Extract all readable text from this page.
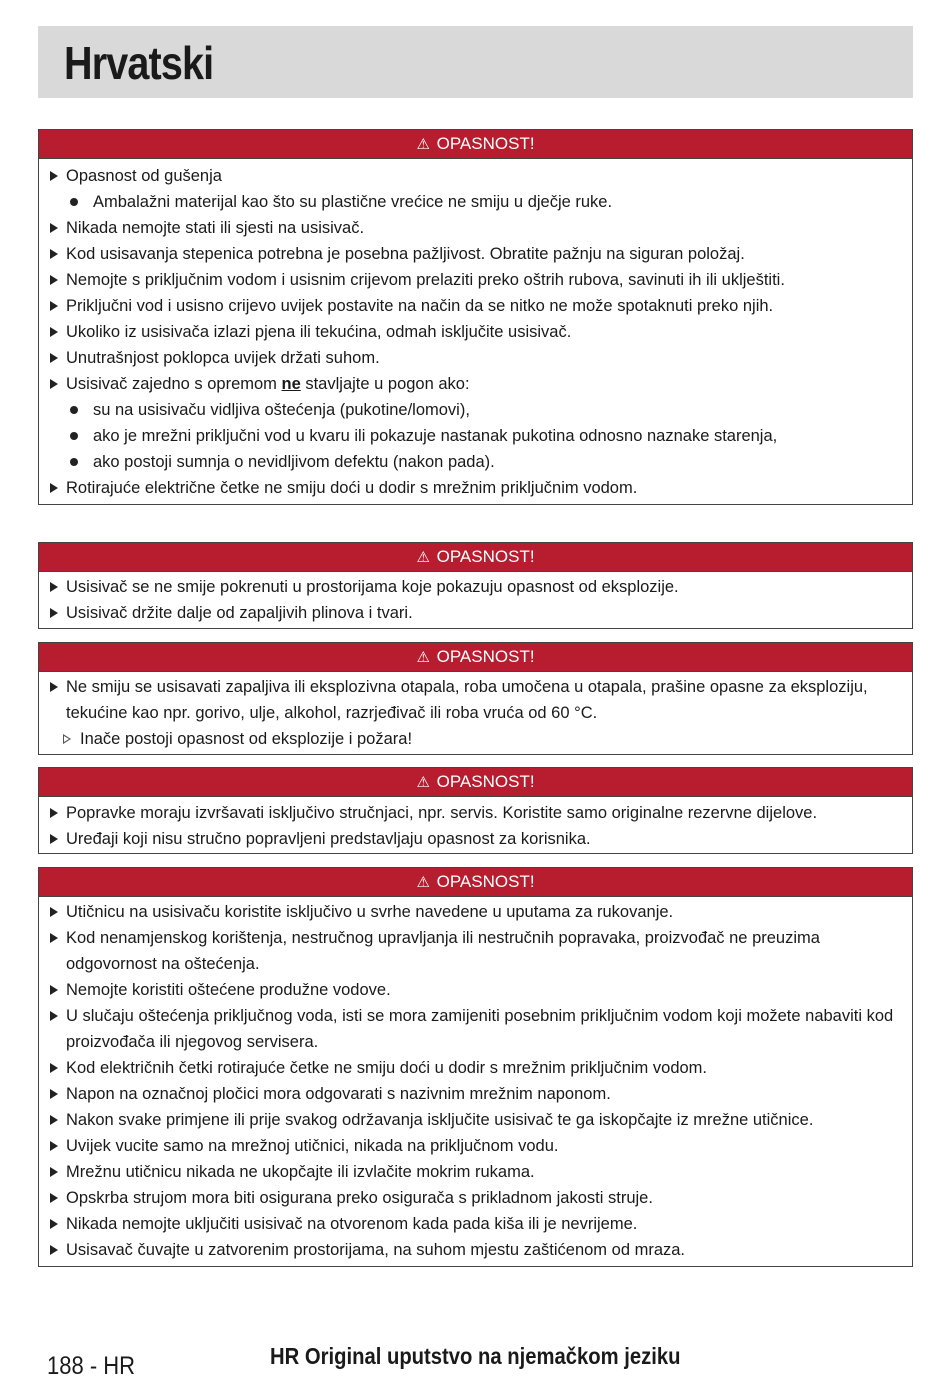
Hrvatski
⚠ OPASNOST!
Opasnost od gušenja
Ambalažni materijal kao što su plastične vrećice ne smiju u dječje ruke.
Nikada nemojte stati ili sjesti na usisivač.
Kod usisavanja stepenica potrebna je posebna pažljivost. Obratite pažnju na siguran položaj.
Nemojte s priključnim vodom i usisnim crijevom prelaziti preko oštrih rubova, savinuti ih ili uklještiti.
Priključni vod i usisno crijevo uvijek postavite na način da se nitko ne može spotaknuti preko njih.
Ukoliko iz usisivača izlazi pjena ili tekućina, odmah isključite usisivač.
Unutrašnjost poklopca uvijek držati suhom.
Usisivač zajedno s opremom ne stavljajte u pogon ako:
su na usisivaču vidljiva oštećenja (pukotine/lomovi),
ako je mrežni priključni vod u kvaru ili pokazuje nastanak pukotina odnosno naznake starenja,
ako postoji sumnja o nevidljivom defektu (nakon pada).
Rotirajuće električne četke ne smiju doći u dodir s mrežnim priključnim vodom.
⚠ OPASNOST!
Usisivač se ne smije pokrenuti u prostorijama koje pokazuju opasnost od eksplozije.
Usisivač držite dalje od zapaljivih plinova i tvari.
⚠ OPASNOST!
Ne smiju se usisavati zapaljiva ili eksplozivna otapala, roba umočena u otapala, prašine opasne za eksploziju, tekućine kao npr. gorivo, ulje, alkohol, razrjeđivač ili roba vruća od 60 °C.
Inače postoji opasnost od eksplozije i požara!
⚠ OPASNOST!
Popravke moraju izvršavati isključivo stručnjaci, npr. servis. Koristite samo originalne rezervne dijelove.
Uređaji koji nisu stručno popravljeni predstavljaju opasnost za korisnika.
⚠ OPASNOST!
Utičnicu na usisivaču koristite isključivo u svrhe navedene u uputama za rukovanje.
Kod nenamjenskog korištenja, nestručnog upravljanja ili nestručnih popravaka, proizvođač ne preuzima odgovornost na oštećenja.
Nemojte koristiti oštećene produžne vodove.
U slučaju oštećenja priključnog voda, isti se mora zamijeniti posebnim priključnim vodom koji možete nabaviti kod proizvođača ili njegovog servisera.
Kod električnih četki rotirajuće četke ne smiju doći u dodir s mrežnim priključnim vodom.
Napon na označnoj pločici mora odgovarati s nazivnim mrežnim naponom.
Nakon svake primjene ili prije svakog održavanja isključite usisivač te ga iskopčajte iz mrežne utičnice.
Uvijek vucite samo na mrežnoj utičnici, nikada na priključnom vodu.
Mrežnu utičnicu nikada ne ukopčajte ili izvlačite mokrim rukama.
Opskrba strujom mora biti osigurana preko osigurača s prikladnom jakosti struje.
Nikada nemojte uključiti usisivač na otvorenom kada pada kiša ili je nevrijeme.
Usisavač čuvajte u zatvorenim prostorijama, na suhom mjestu zaštićenom od mraza.
188 - HR	HR Original uputstvo na njemačkom jeziku
